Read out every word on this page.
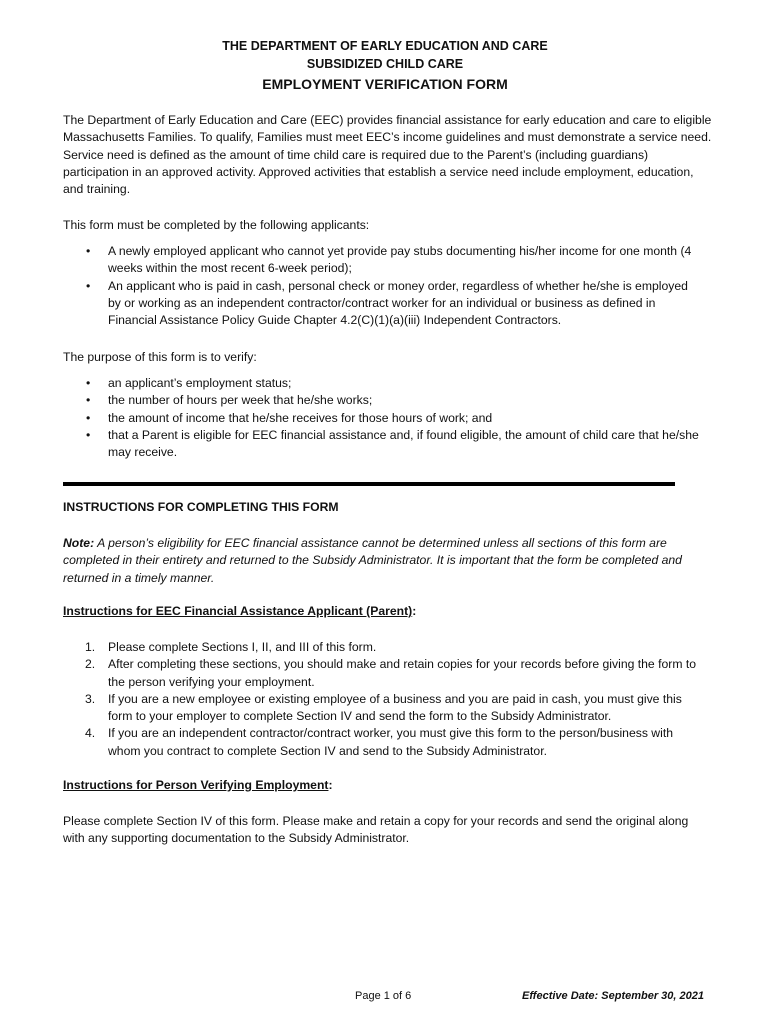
THE DEPARTMENT OF EARLY EDUCATION AND CARE
SUBSIDIZED CHILD CARE
EMPLOYMENT VERIFICATION FORM
The Department of Early Education and Care (EEC) provides financial assistance for early education and care to eligible Massachusetts Families. To qualify, Families must meet EEC’s income guidelines and must demonstrate a service need. Service need is defined as the amount of time child care is required due to the Parent’s (including guardians) participation in an approved activity. Approved activities that establish a service need include employment, education, and training.
This form must be completed by the following applicants:
• A newly employed applicant who cannot yet provide pay stubs documenting his/her income for one month (4 weeks within the most recent 6-week period);
• An applicant who is paid in cash, personal check or money order, regardless of whether he/she is employed by or working as an independent contractor/contract worker for an individual or business as defined in Financial Assistance Policy Guide Chapter 4.2(C)(1)(a)(iii) Independent Contractors.
The purpose of this form is to verify:
• an applicant’s employment status;
• the number of hours per week that he/she works;
• the amount of income that he/she receives for those hours of work; and
• that a Parent is eligible for EEC financial assistance and, if found eligible, the amount of child care that he/she may receive.
INSTRUCTIONS FOR COMPLETING THIS FORM
Note: A person’s eligibility for EEC financial assistance cannot be determined unless all sections of this form are completed in their entirety and returned to the Subsidy Administrator. It is important that the form be completed and returned in a timely manner.
Instructions for EEC Financial Assistance Applicant (Parent):
1. Please complete Sections I, II, and III of this form.
2. After completing these sections, you should make and retain copies for your records before giving the form to the person verifying your employment.
3. If you are a new employee or existing employee of a business and you are paid in cash, you must give this form to your employer to complete Section IV and send the form to the Subsidy Administrator.
4. If you are an independent contractor/contract worker, you must give this form to the person/business with whom you contract to complete Section IV and send to the Subsidy Administrator.
Instructions for Person Verifying Employment:
Please complete Section IV of this form. Please make and retain a copy for your records and send the original along with any supporting documentation to the Subsidy Administrator.
Page 1 of 6	Effective Date: September 30, 2021
